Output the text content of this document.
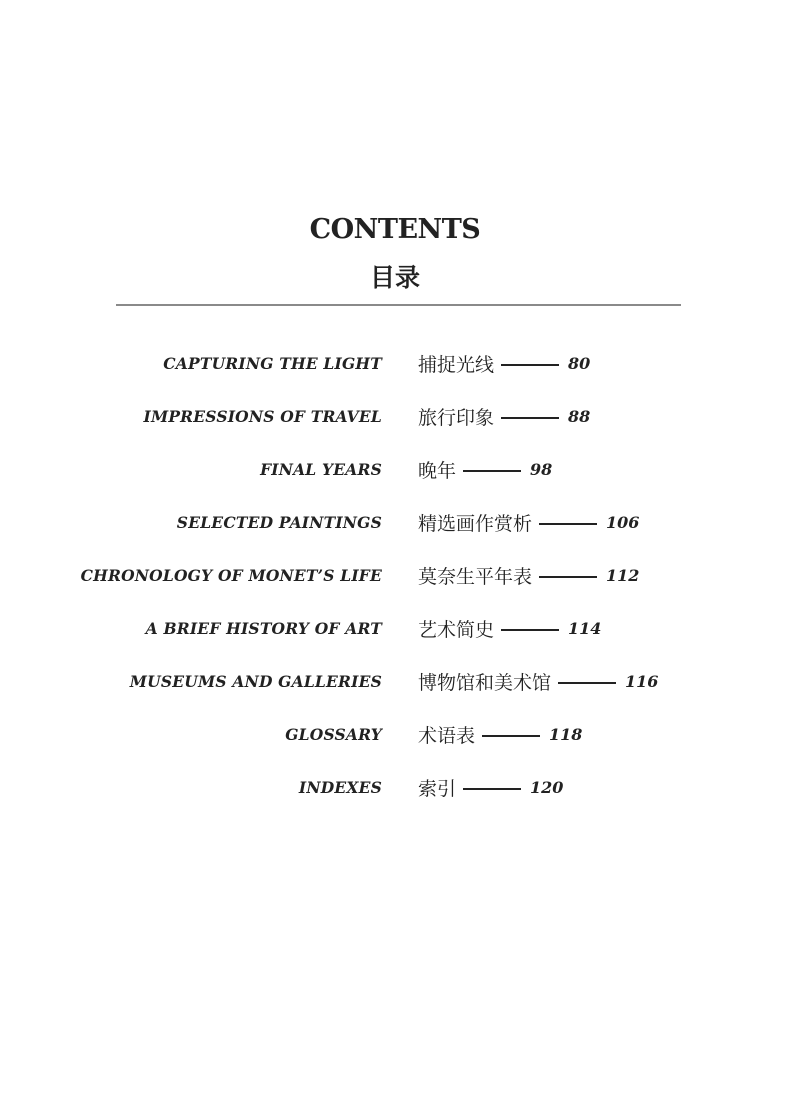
CONTENTS
目录
CAPTURING THE LIGHT 捕捉光线	80
IMPRESSIONS OF TRAVEL 旅行印象	88
FINAL YEARS 晚年	98
SELECTED PAINTINGS 精选画作赏析	106
CHRONOLOGY OF MONET’S LIFE 莫奈生平年表	112
A BRIEF HISTORY OF ART 艺术简史	114
MUSEUMS AND GALLERIES 博物馆和美术馆	116
GLOSSARY 术语表	118
INDEXES 索引	120
